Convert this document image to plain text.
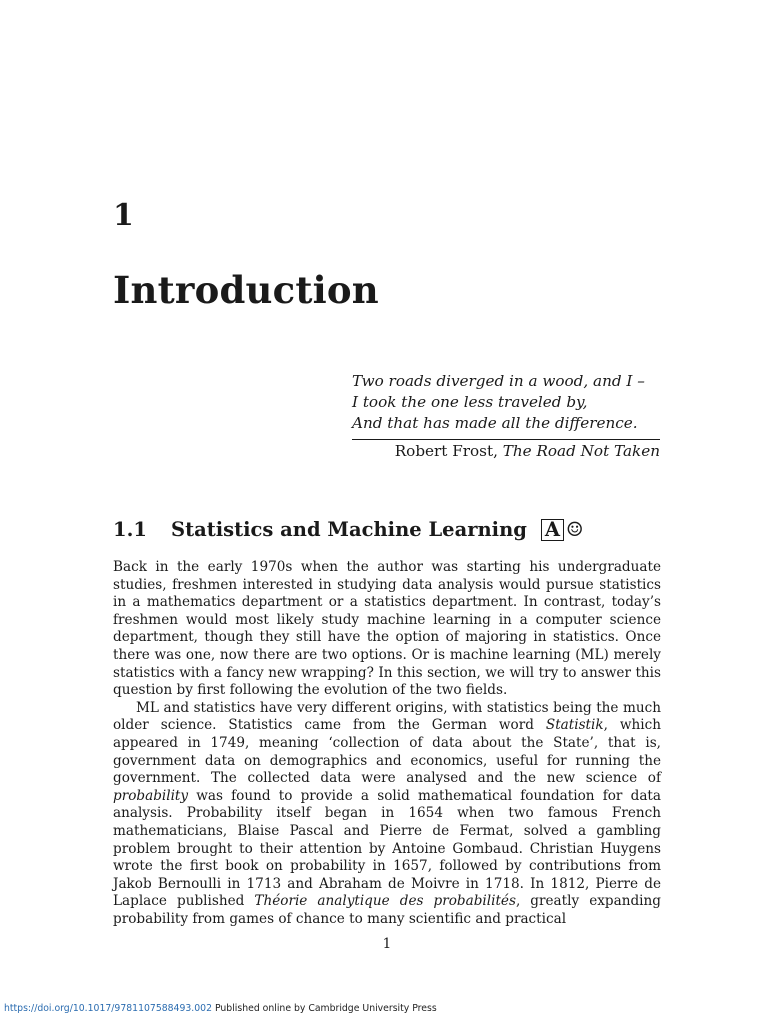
1
Introduction
Two roads diverged in a wood, and I –
I took the one less traveled by,
And that has made all the difference.
Robert Frost, The Road Not Taken
1.1 Statistics and Machine Learning A ☺

Back in the early 1970s when the author was starting his undergraduate studies, freshmen interested in studying data analysis would pursue statistics in a mathematics department or a statistics department. In contrast, today’s freshmen would most likely study machine learning in a computer science department, though they still have the option of majoring in statistics. Once there was one, now there are two options. Or is machine learning (ML) merely statistics with a fancy new wrapping? In this section, we will try to answer this question by first following the evolution of the two fields.

ML and statistics have very different origins, with statistics being the much older science. Statistics came from the German word Statistik, which appeared in 1749, meaning ‘collection of data about the State’, that is, government data on demographics and economics, useful for running the government. The collected data were analysed and the new science of probability was found to provide a solid mathematical foundation for data analysis. Probability itself began in 1654 when two famous French mathematicians, Blaise Pascal and Pierre de Fermat, solved a gambling problem brought to their attention by Antoine Gombaud. Christian Huygens wrote the first book on probability in 1657, followed by contributions from Jakob Bernoulli in 1713 and Abraham de Moivre in 1718. In 1812, Pierre de Laplace published Théorie analytique des probabilités, greatly expanding probability from games of chance to many scientific and practical

1
https://doi.org/10.1017/9781107588493.002 Published online by Cambridge University Press
